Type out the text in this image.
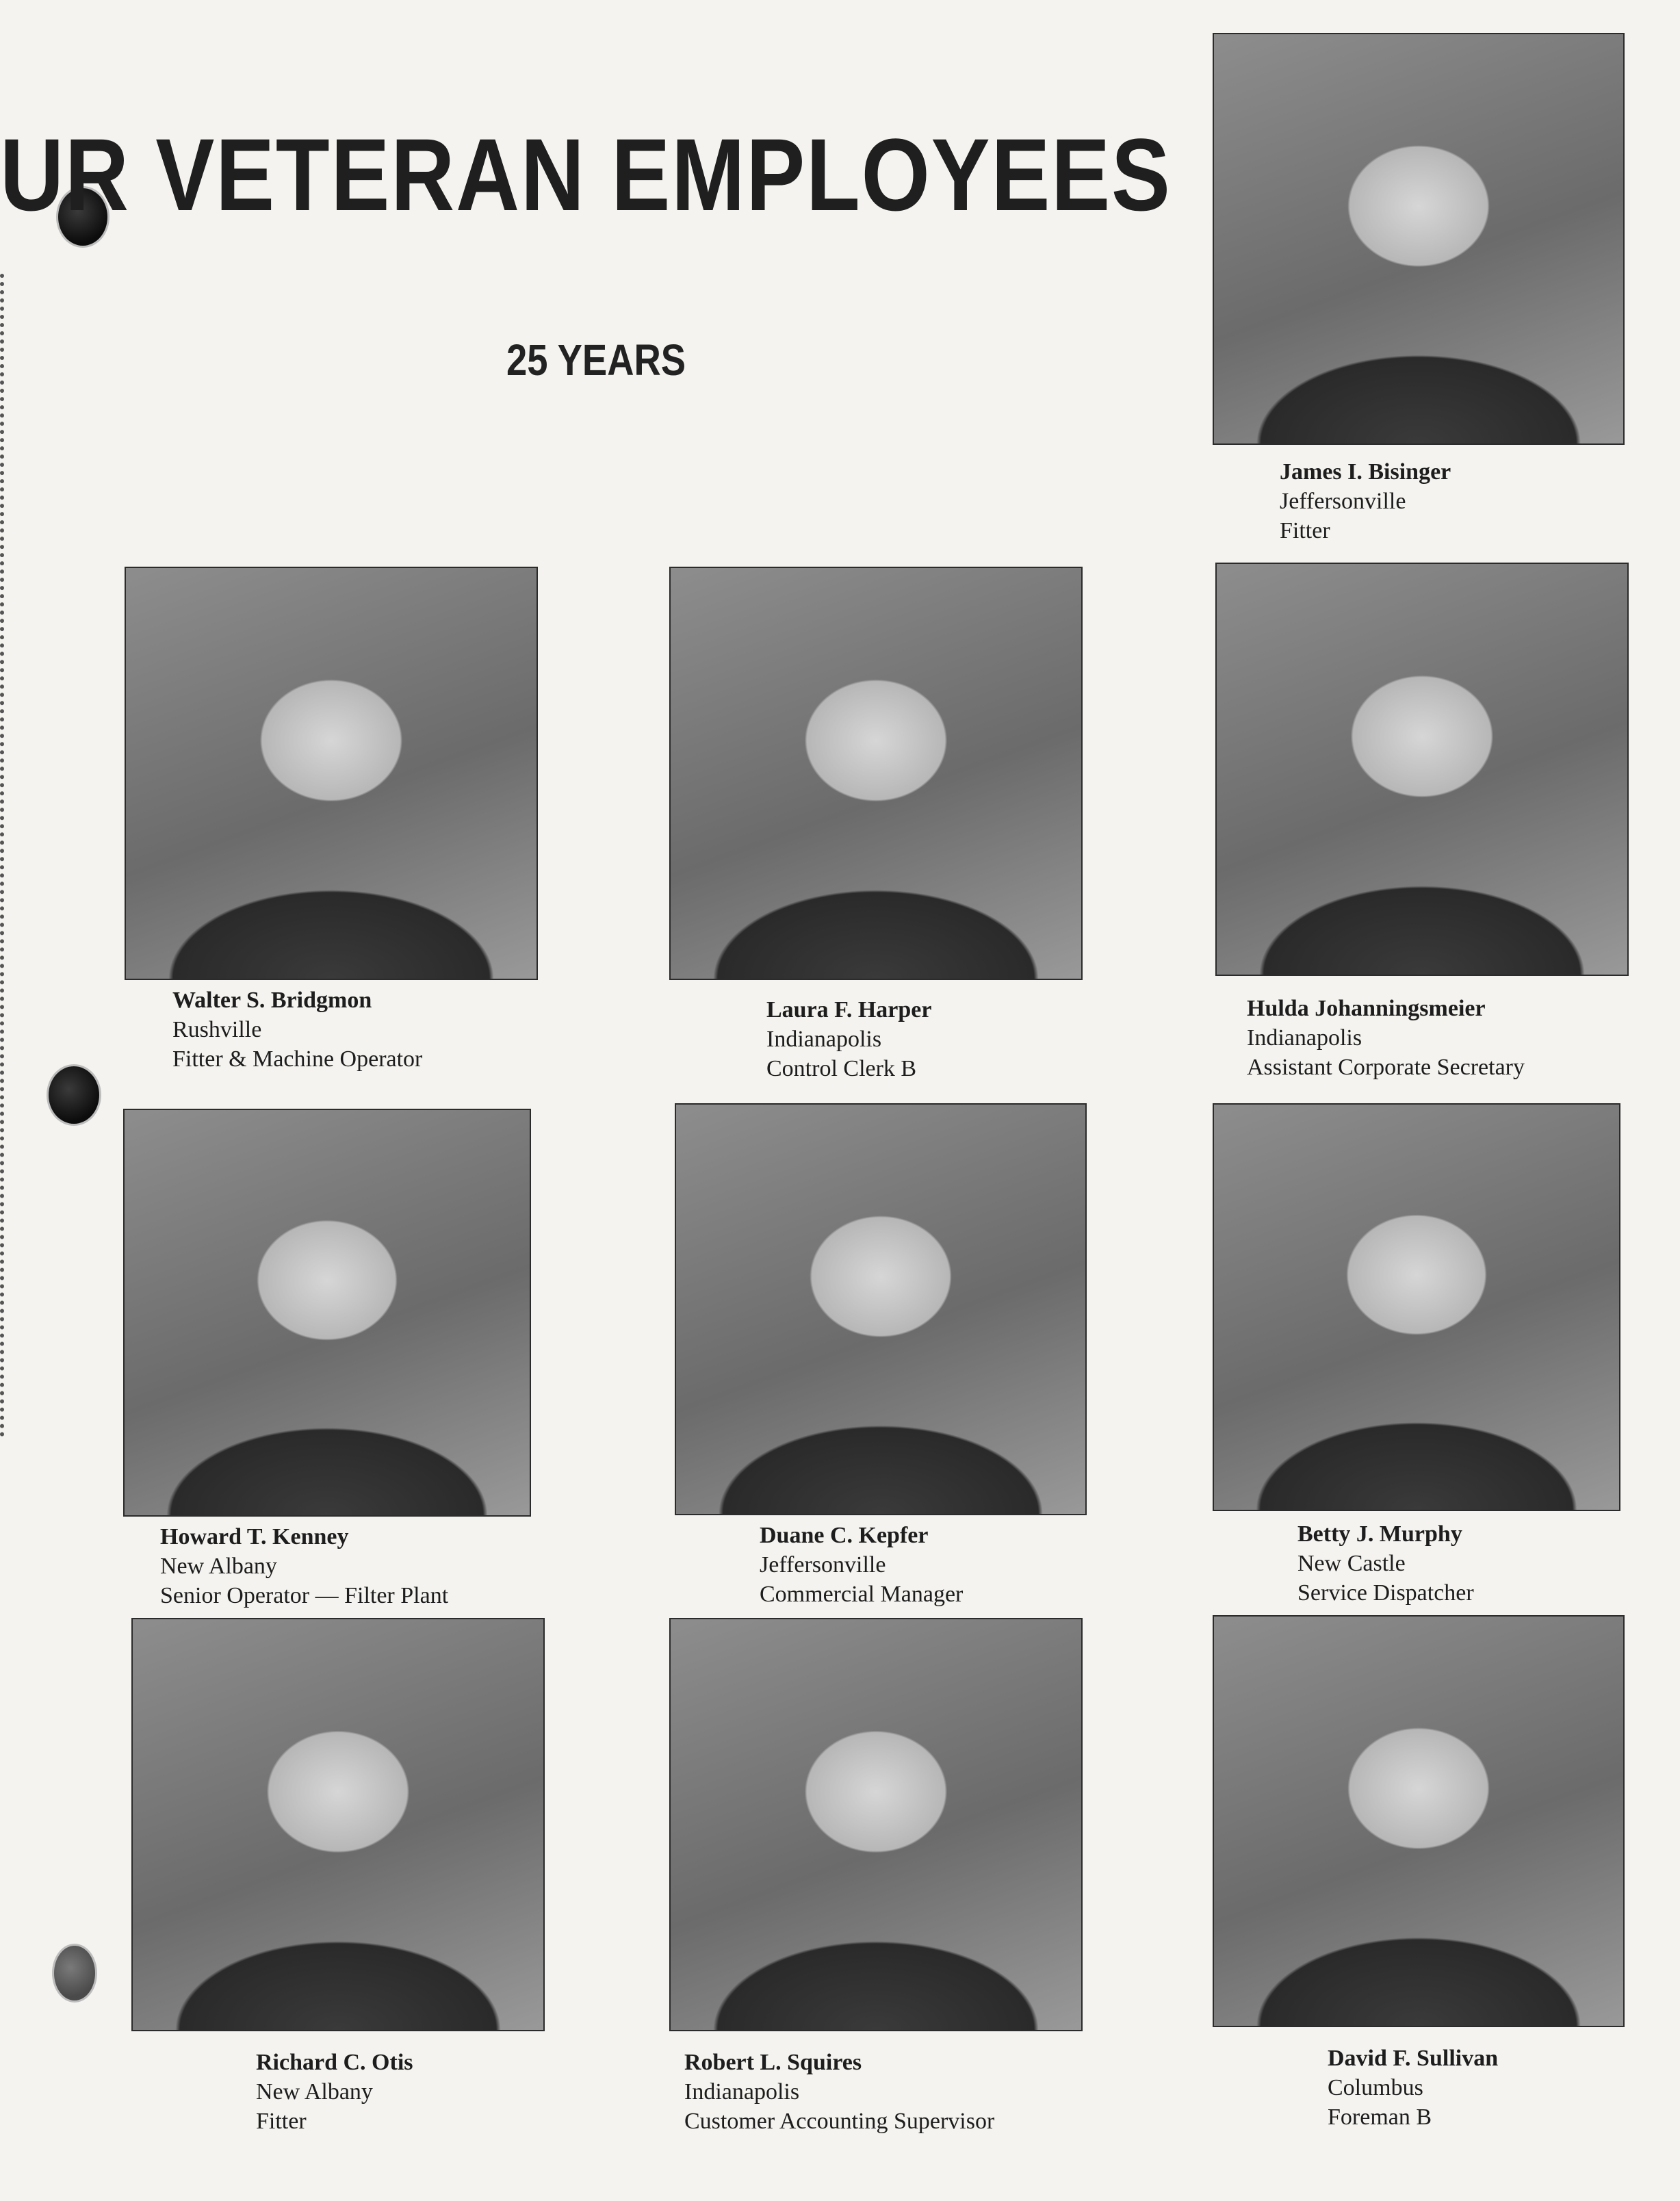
UR VETERAN EMPLOYEES
25 YEARS
James I. Bisinger
Jeffersonville
Fitter
Walter S. Bridgmon
Rushville
Fitter & Machine Operator
Laura F. Harper
Indianapolis
Control Clerk B
Hulda Johanningsmeier
Indianapolis
Assistant Corporate Secretary
Howard T. Kenney
New Albany
Senior Operator — Filter Plant
Duane C. Kepfer
Jeffersonville
Commercial Manager
Betty J. Murphy
New Castle
Service Dispatcher
Richard C. Otis
New Albany
Fitter
Robert L. Squires
Indianapolis
Customer Accounting Supervisor
David F. Sullivan
Columbus
Foreman B
